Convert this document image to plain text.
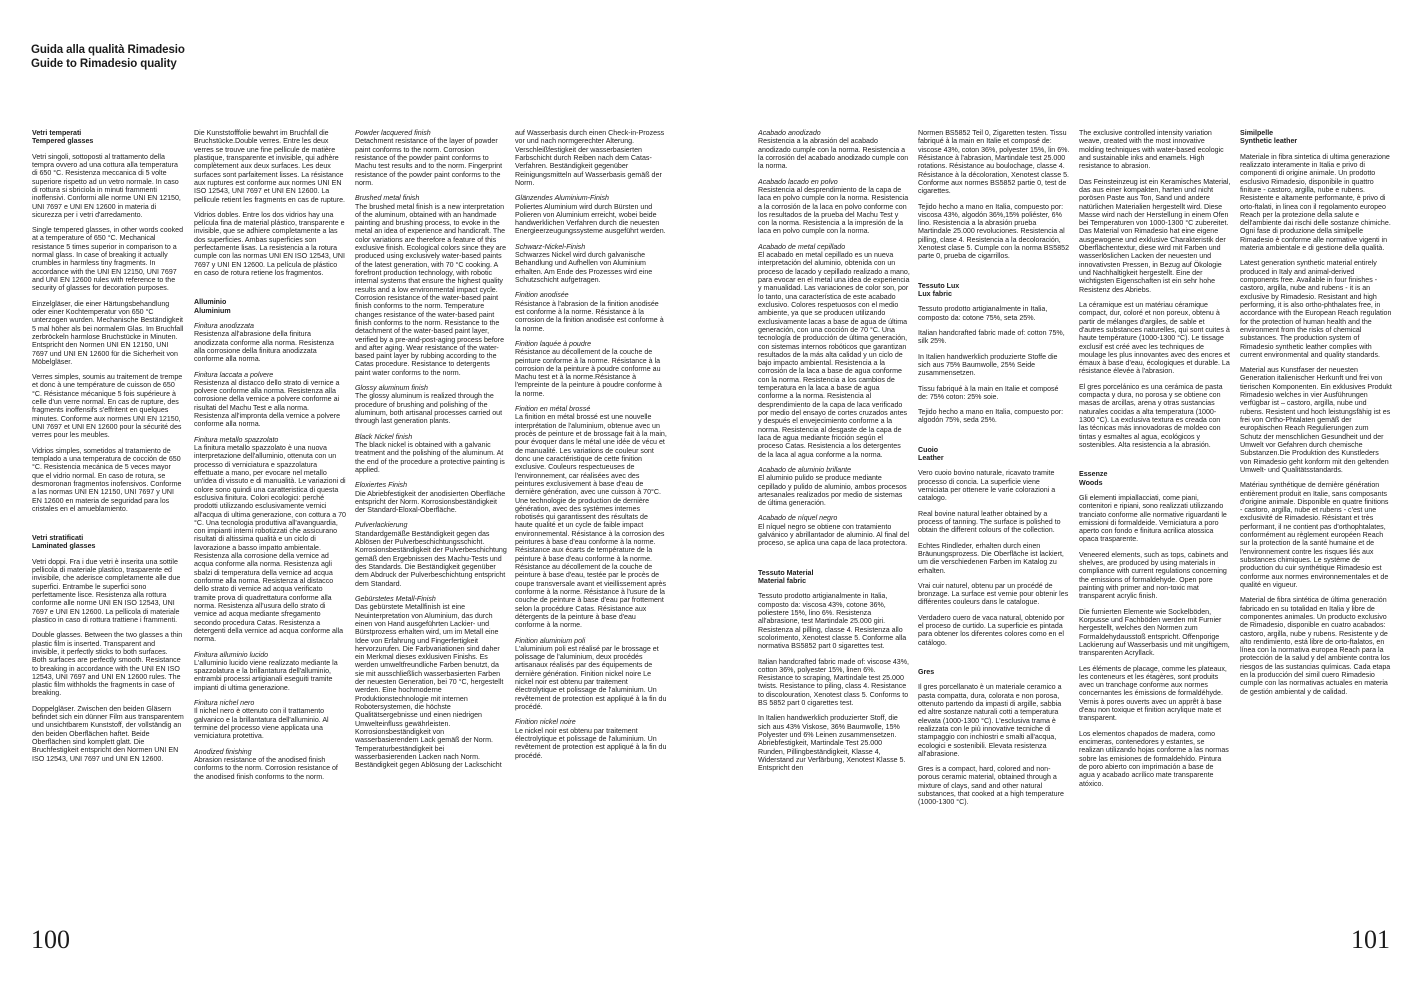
Guida alla qualità Rimadesio
Guide to Rimadesio quality
Vetri temperati
Tempered glasses

Vetri singoli, sottoposti al trattamento della tempra ovvero ad una cottura alla temperatura di 650 °C. Resistenza meccanica di 5 volte superiore rispetto ad un vetro normale. In caso di rottura si sbriciola in minuti frammenti inoffensivi. Conformi alle norme UNI EN 12150, UNI 7697 e UNI EN 12600 in materia di sicurezza per i vetri d'arredamento.

Single tempered glasses, in other words cooked at a temperature of 650 °C. Mechanical resistance 5 times superior in comparison to a normal glass. In case of breaking it actually crumbles in harmless tiny fragments. In accordance with the UNI EN 12150, UNI 7697 and UNI EN 12600 rules with reference to the security of glasses for decoration purposes.

Einzelgläser, die einer Härtungsbehandlung oder einer Kochtemperatur von 650 °C unterzogen wurden. Mechanische Beständigkeit 5 mal höher als bei normalem Glas. Im Bruchfall zerbröckeln harmlose Bruchstücke in Minuten. Entspricht den Normen UNI EN 12150, UNI 7697 und UNI EN 12600 für die Sicherheit von Möbelgläser.

Verres simples, soumis au traitement de trempe et donc à une température de cuisson de 650 °C. Résistance mécanique 5 fois supérieure à celle d'un verre normal. En cas de rupture, des fragments inoffensifs s'effritent en quelques minutes. Conforme aux normes UNI EN 12150, UNI 7697 et UNI EN 12600 pour la sécurité des verres pour les meubles.

Vidrios simples, sometidos al tratamiento de templado a una temperatura de cocción de 650 °C. Resistencia mecánica de 5 veces mayor que el vidrio normal. En caso de rotura, se desmoronan fragmentos inofensivos. Conforme a las normas UNI EN 12150, UNI 7697 y UNI EN 12600 en materia de seguridad para los cristales en el amueblamiento.

Vetri stratificati
Laminated glasses

Vetri doppi. Fra i due vetri è inserita una sottile pellicola di materiale plastico, trasparente ed invisibile, che aderisce completamente alle due superfici. Entrambe le superfici sono perfettamente lisce. Resistenza alla rottura conforme alle norme UNI EN ISO 12543, UNI 7697 e UNI EN 12600. La pellicola di materiale plastico in caso di rottura trattiene i frammenti.

Double glasses. Between the two glasses a thin plastic film is inserted. Transparent and invisible, it perfectly sticks to both surfaces. Both surfaces are perfectly smooth. Resistance to breaking in accordance with the UNI EN ISO 12543, UNI 7697 and UNI EN 12600 rules. The plastic film withholds the fragments in case of breaking.

Doppelgläser. Zwischen den beiden Gläsern befindet sich ein dünner Film aus transparentem und unsichtbarem Kunststoff, der vollständig an den beiden Oberflächen haftet. Beide Oberflächen sind komplett glatt. Die Bruchfestigkeit entspricht den Normen UNI EN ISO 12543, UNI 7697 und UNI EN 12600.

Die Kunststofffolie bewahrt im Bruchfall die Bruchstücke.Double verres. Entre les deux verres se trouve une fine pellicule de matière plastique, transparente et invisible, qui adhère complètement aux deux surfaces. Les deux surfaces sont parfaitement lisses. La résistance aux ruptures est conforme aux normes UNI EN ISO 12543, UNI 7697 et UNI EN 12600. La pellicule retient les fragments en cas de rupture.

Vidrios dobles. Entre los dos vidrios hay una película fina de material plástico, transparente e invisible, que se adhiere completamente a las dos superficies. Ambas superficies son perfectamente lisas. La resistencia a la rotura cumple con las normas UNI EN ISO 12543, UNI 7697 y UNI EN 12600. La película de plástico en caso de rotura retiene los fragmentos.

Alluminio
Aluminium
Finitura anodizzata

Resistenza all'abrasione della finitura anodizzata conforme alla norma. Resistenza alla corrosione della finitura anodizzata conforme alla norma.

Finitura laccata a polvere

Resistenza al distacco dello strato di vernice a polvere conforme alla norma. Resistenza alla corrosione della vernice a polvere conforme ai risultati del Machu Test e alla norma. Resistenza all'impronta della vernice a polvere conforme alla norma.

Finitura metallo spazzolato

La finitura metallo spazzolato è una nuova interpretazione dell'alluminio, ottenuta con un processo di verniciatura e spazzolatura effettuate a mano, per evocare nel metallo un'idea di vissuto e di manualità. Le variazioni di colore sono quindi una caratteristica di questa esclusiva finitura. Colori ecologici: perché prodotti utilizzando esclusivamente vernici all'acqua di ultima generazione, con cottura a 70 °C. Una tecnologia produttiva all'avanguardia, con impianti interni robotizzati che assicurano risultati di altissima qualità e un ciclo di lavorazione a basso impatto ambientale. Resistenza alla corrosione della vernice ad acqua conforme alla norma. Resistenza agli sbalzi di temperatura della vernice ad acqua conforme alla norma. Resistenza al distacco dello strato di vernice ad acqua verificato tramite prova di quadrettatura conforme alla norma. Resistenza all'usura dello strato di vernice ad acqua mediante sfregamento secondo procedura Catas. Resistenza a detergenti della vernice ad acqua conforme alla norma.

Finitura alluminio lucido

L'alluminio lucido viene realizzato mediante la spazzolatura e la brillantatura dell'alluminio, entrambi processi artigianali eseguiti tramite impianti di ultima generazione.

Finitura nichel nero

Il nichel nero è ottenuto con il trattamento galvanico e la brillantatura dell'alluminio. Al termine del processo viene applicata una verniciatura protettiva.

Anodized finishing

Abrasion resistance of the anodised finish conforms to the norm. Corrosion resistance of the anodised finish conforms to the norm.

Powder lacquered finish

Detachment resistance of the layer of powder paint conforms to the norm. Corrosion resistance of the powder paint conforms to Machu test results and to the norm. Fingerprint resistance of the powder paint conforms to the norm.

Brushed metal finish

The brushed metal finish is a new interpretation of the aluminum, obtained with an handmade painting and brushing process, to evoke in the metal an idea of experience and handicraft. The color variations are therefore a feature of this exclusive finish. Ecological colors since they are produced using exclusively water-based paints of the latest generation, with 70 °C cooking. A forefront production technology, with robotic internal systems that ensure the highest quality results and a low environmental impact cycle. Corrosion resistance of the water-based paint finish conforms to the norm. Temperature changes resistance of the water-based paint finish conforms to the norm. Resistance to the detachment of the water-based paint layer, verified by a pre-and-post-aging process before and after aging. Wear resistance of the water-based paint layer by rubbing according to the Catas procedure. Resistance to detergents paint water conforms to the norm.

Glossy aluminum finish

The glossy aluminum is realized through the procedure of brushing and polishing of the aluminum, both artisanal processes carried out through last generation plants.

Black Nickel finish

The black nickel is obtained with a galvanic treatment and the polishing of the aluminum. At the end of the procedure a protective painting is applied.

Eloxiertes Finish

Die Abriebfestigkeit der anodisierten Oberfläche entspricht der Norm. Korrosionsbeständigkeit der Standard-Eloxal-Oberfläche.

Pulverlackierung

Standardgemäße Beständigkeit gegen das Ablösen der Pulverbeschichtungsschicht. Korrosionsbeständigkeit der Pulverbeschichtung gemäß den Ergebnissen des Machu-Tests und des Standards. Die Beständigkeit gegenüber dem Abdruck der Pulverbeschichtung entspricht dem Standard.

Gebürstetes Metall-Finish

Das gebürstete Metallfinish ist eine Neuinterpretation von Aluminium, das durch einen von Hand ausgeführten Lackier- und Bürstprozess erhalten wird, um im Metall eine Idee von Erfahrung und Fingerfertigkeit hervorzurufen. Die Farbvariationen sind daher ein Merkmal dieses exklusiven Finishs. Es werden umweltfreundliche Farben benutzt, da sie mit ausschließlich wasserbasierten Farben der neuesten Generation, bei 70 °C, hergestellt werden. Eine hochmoderne Produktionstechnologie mit internen Robotersystemen, die höchste Qualitätsergebnisse und einen niedrigen Umwelteinfluss gewährleisten. Korrosionsbeständigkeit von wasserbasierendem Lack gemäß der Norm. Temperaturbeständigkeit bei wasserbasierenden Lacken nach Norm. Beständigkeit gegen Ablösung der Lackschicht

auf Wasserbasis durch einen Check-in-Prozess vor und nach normgerechter Alterung. Verschleißfestigkeit der wasserbasierten Farbschicht durch Reiben nach dem Catas-Verfahren. Beständigkeit gegenüber Reinigungsmitteln auf Wasserbasis gemäß der Norm.

Glänzendes Aluminium-Finish

Poliertes Aluminium wird durch Bürsten und Polieren von Aluminium erreicht, wobei beide handwerklichen Verfahren durch die neuesten Energieerzeugungssysteme ausgeführt werden.

Schwarz-Nickel-Finish

Schwarzes Nickel wird durch galvanische Behandlung und Aufhellen von Aluminium erhalten. Am Ende des Prozesses wird eine Schutzschicht aufgetragen.

Finition anodisée

Résistance à l'abrasion de la finition anodisée est conforme à la norme. Résistance à la corrosion de la finition anodisée est conforme à la norme.

Finition laquée à poudre

Résistance au décollement de la couche de peinture conforme à la norme. Résistance à la corrosion de la peinture à poudre conforme au Machu test et à la norme.Résistance à l'empreinte de la peinture à poudre conforme à la norme.

Finition en métal brossé

La finition en métal brossé est une nouvelle interprétation de l'aluminium, obtenue avec un procès de peinture et de brossage fait à la main, pour évoquer dans le métal une idée de vécu et de manualité. Les variations de couleur sont donc une caractéristique de cette finition exclusive. Couleurs respectueuses de l'environnement, car réalisées avec des peintures exclusivement à base d'eau de dernière génération, avec une cuisson à 70°C. Une technologie de production de dernière génération, avec des systèmes internes robotisés qui garantissent des résultats de haute qualité et un cycle de faible impact environnemental. Résistance à la corrosion des peintures à base d'eau conforme à la norme. Résistance aux écarts de température de la peinture à base d'eau conforme à la norme. Résistance au décollement de la couche de peinture à base d'eau, testée par le procès de coupe transversale avant et vieillissement après conforme à la norme. Résistance à l'usure de la couche de peinture à base d'eau par frottement selon la procédure Catas. Résistance aux détergents de la peinture à base d'eau conforme à la norme.

Finition aluminium poli

L'aluminium poli est réalisé par le brossage et polissage de l'aluminium, deux procédés artisanaux réalisés par des équipements de dernière génération. Finition nickel noire Le nickel noir est obtenu par traitement électrolytique et polissage de l'aluminium. Un revêtement de protection est appliqué à la fin du procédé.

Finition nickel noire

Le nickel noir est obtenu par traitement électrolytique et polissage de l'aluminium. Un revêtement de protection est appliqué à la fin du procédé.

Acabado anodizado

Resistencia a la abrasión del acabado anodizado cumple con la norma. Resistencia a la corrosión del acabado anodizado cumple con la norma.

Acabado lacado en polvo

Resistencia al desprendimiento de la capa de laca en polvo cumple con la norma. Resistencia a la corrosión de la laca en polvo conforme con los resultados de la prueba del Machu Test y con la norma. Resistencia a la impresión de la laca en polvo cumple con la norma.

Acabado de metal cepillado

El acabado en metal cepillado es un nueva interpretación del aluminio, obtenida con un proceso de lacado y cepillado realizado a mano, para evocar en el metal una idea de experiencia y manualidad. Las variaciones de color son, por lo tanto, una característica de este acabado exclusivo. Colores respetuosos con el medio ambiente, ya que se producen utilizando exclusivamente lacas a base de agua de última generación, con una cocción de 70 °C. Una tecnología de producción de última generación, con sistemas internos robóticos que garantizan resultados de la más alta calidad y un ciclo de bajo impacto ambiental. Resistencia a la corrosión de la laca a base de agua conforme con la norma. Resistencia a los cambios de temperatura en la laca a base de agua conforme a la norma. Resistencia al desprendimiento de la capa de laca verificado por medio del ensayo de cortes cruzados antes y después el envejecimiento conforme a la norma. Resistencia al desgaste de la capa de laca de agua mediante fricción según el proceso Catas. Resistencia a los detergentes de la laca al agua conforme a la norma.

Acabado de aluminio brillante

El aluminio pulido se produce mediante cepillado y pulido de aluminio, ambos procesos artesanales realizados por medio de sistemas de última generación.

Acabado de níquel negro

El níquel negro se obtiene con tratamiento galvánico y abrillantador de aluminio. Al final del proceso, se aplica una capa de laca protectora.

Tessuto Material
Material fabric

Tessuto prodotto artigianalmente in Italia, composto da: viscosa 43%, cotone 36%, poliestere 15%, lino 6%. Resistenza all'abrasione, test Martindale 25.000 giri. Resistenza al pilling, classe 4. Resistenza allo scolorimento, Xenotest classe 5. Conforme alla normativa BS5852 part 0 sigarettes test.

Italian handcrafted fabric made of: viscose 43%, cotton 36%, polyester 15%, linen 6%. Resistance to scraping, Martindale test 25.000 twists. Resistance to piling, class 4. Resistance to discolouration, Xenotest class 5. Conforms to BS 5852 part 0 cigarettes test.

In Italien handwerklich produzierter Stoff, die sich aus 43% Viskose, 36% Baumwolle, 15% Polyester und 6% Leinen zusammensetzen. Abriebfestigkeit, Martindale Test 25.000 Runden, Pillingbeständigkeit, Klasse 4, Widerstand zur Verfärbung, Xenotest Klasse 5. Entspricht den

Normen BS5852 Teil 0, Zigaretten testen. Tissu fabriqué à la main en Italie et composé de: viscose 43%, coton 36%, polyester 15%, lin 6%. Résistance à l'abrasion, Martindale test 25.000 rotations. Résistance au boulochage, classe 4. Résistance à la décoloration, Xenotest classe 5. Conforme aux normes BS5852 partie 0, test de cigarettes.

Tejido hecho a mano en Italia, compuesto por: viscosa 43%, algodón 36%,15% poliéster, 6% lino. Resistencia a la abrasión prueba Martindale 25.000 revoluciones. Resistencia al pilling, clase 4. Resistencia a la decoloración, Xenotest clase 5. Cumple con la norma BS5852 parte 0, prueba de cigarrillos.

Tessuto Lux
Lux fabric

Tessuto prodotto artigianalmente in Italia, composto da: cotone 75%, seta 25%.

Italian handcrafted fabric made of: cotton 75%, silk 25%.

In Italien handwerklich produzierte Stoffe die sich aus 75% Baumwolle, 25% Seide zusammensetzen.

Tissu fabriqué à la main en Italie et composé de: 75% coton: 25% soie.

Tejido hecho a mano en Italia, compuesto por: algodón 75%, seda 25%.

Cuoio
Leather

Vero cuoio bovino naturale, ricavato tramite processo di concia. La superficie viene verniciata per ottenere le varie colorazioni a catalogo.

Real bovine natural leather obtained by a process of tanning. The surface is polished to obtain the different colours of the collection.

Echtes Rindleder, erhalten durch einen Bräunungsprozess. Die Oberfläche ist lackiert, um die verschiedenen Farben im Katalog zu erhalten.

Vrai cuir naturel, obtenu par un procédé de bronzage. La surface est vernie pour obtenir les différentes couleurs dans le catalogue.

Verdadero cuero de vaca natural, obtenido por el proceso de curtido. La superficie es pintada para obtener los diferentes colores como en el catálogo.

Gres

Il gres porcellanato è un materiale ceramico a pasta compatta, dura, colorata e non porosa, ottenuto partendo da impasti di argille, sabbia ed altre sostanze naturali cotti a temperatura elevata (1000-1300 °C). L'esclusiva trama è realizzata con le più innovative tecniche di stampaggio con inchiostri e smalti all'acqua, ecologici e sostenibili. Elevata resistenza all'abrasione.

Gres is a compact, hard, colored and non-porous ceramic material, obtained through a mixture of clays, sand and other natural substances, that cooked at a high temperature (1000-1300 °C).

The exclusive controlled intensity variation weave, created with the most innovative molding techniques with water-based ecologic and sustainable inks and enamels. High resistance to abrasion.

Das Feinsteinzeug ist ein Keramisches Material, das aus einer kompakten, harten und nicht porösen Paste aus Ton, Sand und andere natürlichen Materialien hergestellt wird. Diese Masse wird nach der Herstellung in einem Ofen bei Temperaturen von 1000-1300 °C zubereitet. Das Material von Rimadesio hat eine eigene ausgewogene und exklusive Charakteristik der Oberflächentextur, diese wird mit Farben und wasserlöslichen Lacken der neuesten und innovativsten Pressen, in Bezug auf Ökologie und Nachhaltigkeit hergestellt. Eine der wichtigsten Eigenschaften ist ein sehr hohe Resistenz des Abriebs.

La céramique est un matériau céramique compact, dur, coloré et non poreux, obtenu à partir de mélanges d'argiles, de sable et d'autres substances naturelles, qui sont cuites à haute température (1000-1300 °C). Le tissage exclusif est créé avec les techniques de moulage les plus innovantes avec des encres et émaux à base d'eau, écologiques et durable. La résistance élevée à l'abrasion.

El gres porcelánico es una cerámica de pasta compacta y dura, no porosa y se obtiene con masas de arcillas, arena y otras sustancias naturales cocidas a alta temperatura (1000-1300 °C). La exclusiva textura es creada con las técnicas más innovadoras de moldeo con tintas y esmaltes al agua, ecológicos y sostenibles. Alta resistencia a la abrasión.

Essenze
Woods

Gli elementi impiallacciati, come piani, contenitori e ripiani, sono realizzati utilizzando tranciato conforme alle normative riguardanti le emissioni di formaldeide. Verniciatura a poro aperto con fondo e finitura acrilica atossica opaca trasparente.

Veneered elements, such as tops, cabinets and shelves, are produced by using materials in compliance with current regulations concerning the emissions of formaldehyde. Open pore painting with primer and non-toxic mat transparent acrylic finish.

Die furnierten Elemente wie Sockelböden, Korpusse und Fachböden werden mit Furnier hergestellt, welches den Normen zum Formaldehydausstoß entspricht. Offenporige Lackierung auf Wasserbasis und mit ungiftigem, transparenten Acryllack.

Les éléments de placage, comme les plateaux, les conteneurs et les étagères, sont produits avec un tranchage conforme aux normes concernantes les émissions de formaldéhyde. Vernis à pores ouverts avec un apprêt à base d'eau non toxique et finition acrylique mate et transparent.

Los elementos chapados de madera, como encimeras, contenedores y estantes, se realizan utilizando hojas conforme a las normas sobre las emisiones de formaldehído. Pintura de poro abierto con imprimación a base de agua y acabado acrílico mate transparente atóxico.

Similpelle
Synthetic leather

Materiale in fibra sintetica di ultima generazione realizzato interamente in Italia e privo di componenti di origine animale. Un prodotto esclusivo Rimadesio, disponibile in quattro finiture - castoro, argilla, nube e rubens. Resistente e altamente performante, è privo di orto-ftalati, in linea con il regolamento europeo Reach per la protezione della salute e dell'ambiente dai rischi delle sostanze chimiche. Ogni fase di produzione della similpelle Rimadesio è conforme alle normative vigenti in materia ambientale e di gestione della qualità.

Latest generation synthetic material entirely produced in Italy and animal-derived components free. Available in four finishes - castoro, argilla, nube and rubens - it is an exclusive by Rimadesio. Resistant and high performing, it is also ortho-phthalates free, in accordance with the European Reach regulation for the protection of human health and the environment from the risks of chemical substances. The production system of Rimadesio synthetic leather complies with current environmental and quality standards.

Material aus Kunstfaser der neuesten Generation italienischer Herkunft und frei von tierischen Komponenten. Ein exklusives Produkt Rimadesio welches in vier Ausführungen verfügbar ist – castoro, argilla, nube und rubens. Resistent und hoch leistungsfähig ist es frei von Ortho-Phtalaten gemäß der europäischen Reach Regulierungen zum Schutz der menschlichen Gesundheit und der Umwelt vor Gefahren durch chemische Substanzen.Die Produktion des Kunstleders von Rimadesio geht konform mit den geltenden Umwelt- und Qualitätsstandards.

Matériau synthétique de dernière génération entièrement produit en Italie, sans composants d'origine animale. Disponible en quatre finitions - castoro, argilla, nube et rubens - c'est une exclusivité de Rimadesio. Résistant et très performant, il ne contient pas d'orthophtalates, conformément au règlement européen Reach sur la protection de la santé humaine et de l'environnement contre les risques liés aux substances chimiques. Le système de production du cuir synthétique Rimadesio est conforme aux normes environnementales et de qualité en vigueur.

Material de fibra sintética de última generación fabricado en su totalidad en Italia y libre de componentes animales. Un producto exclusivo de Rimadesio, disponible en cuatro acabados: castoro, argilla, nube y rubens. Resistente y de alto rendimiento, está libre de orto-ftalatos, en línea con la normativa europea Reach para la protección de la salud y del ambiente contra los riesgos de las sustancias químicas. Cada etapa en la producción del simil cuero Rimadesio cumple con las normativas actuales en materia de gestión ambiental y de calidad.

100	101
